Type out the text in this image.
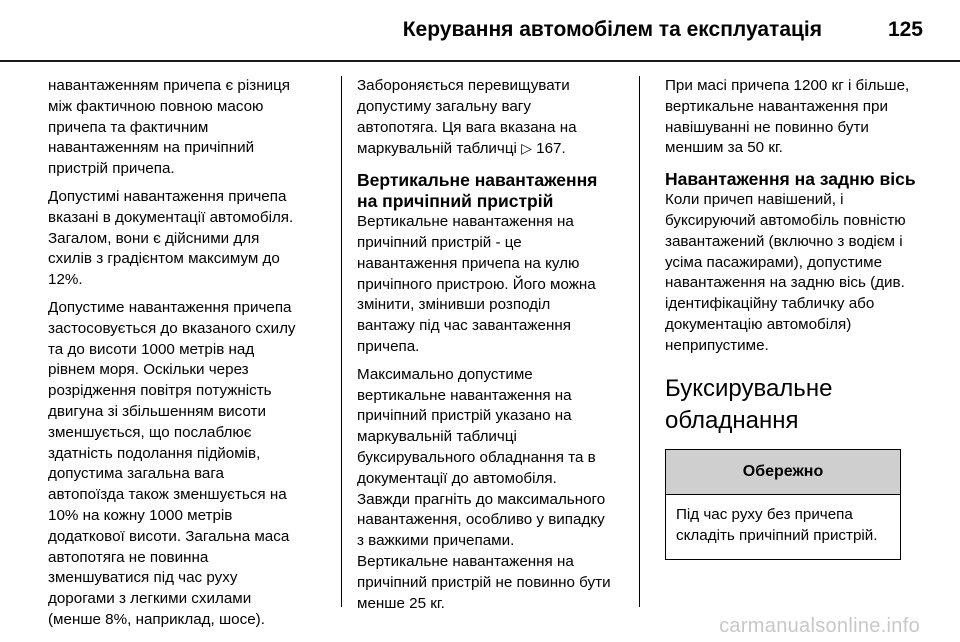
Керування автомобілем та експлуатація	125

навантаженням причепа є різниця
між фактичною повною масою
причепа та фактичним
навантаженням на причіпний
пристрій причепа.

Допустимі навантаження причепа
вказані в документації автомобіля.
Загалом, вони є дійсними для
схилів з градієнтом максимум до
12%.

Допустиме навантаження причепа
застосовується до вказаного схилу
та до висоти 1000 метрів над
рівнем моря. Оскільки через
розрідження повітря потужність
двигуна зі збільшенням висоти
зменшується, що послаблює
здатність подолання підйомів,
допустима загальна вага
автопоїзда також зменшується на
10% на кожну 1000 метрів
додаткової висоти. Загальна маса
автопотяга не повинна
зменшуватися під час руху
дорогами з легкими схилами
(менше 8%, наприклад, шосе).

Забороняється перевищувати
допустиму загальну вагу
автопотяга. Ця вага вказана на
маркувальній табличці ▷ 167.

Вертикальне навантаження
на причіпний пристрій

Вертикальне навантаження на
причіпний пристрій - це
навантаження причепа на кулю
причіпного пристрою. Його можна
змінити, змінивши розподіл
вантажу під час завантаження
причепа.

Максимально допустиме
вертикальне навантаження на
причіпний пристрій указано на
маркувальній табличці
буксирувального обладнання та в
документації до автомобіля.
Завжди прагніть до максимального
навантаження, особливо у випадку
з важкими причепами.
Вертикальне навантаження на
причіпний пристрій не повинно бути
менше 25 кг.

При масі причепа 1200 кг і більше,
вертикальне навантаження при
навішуванні не повинно бути
меншим за 50 кг.

Навантаження на задню вісь

Коли причеп навішений, і
буксируючий автомобіль повністю
завантажений (включно з водієм і
усіма пасажирами), допустиме
навантаження на задню вісь (див.
ідентифікаційну табличку або
документацію автомобіля)
неприпустиме.

Буксирувальне
обладнання
Обережно
Під час руху без причепа
складіть причіпний пристрій.
carmanualsonline.info
